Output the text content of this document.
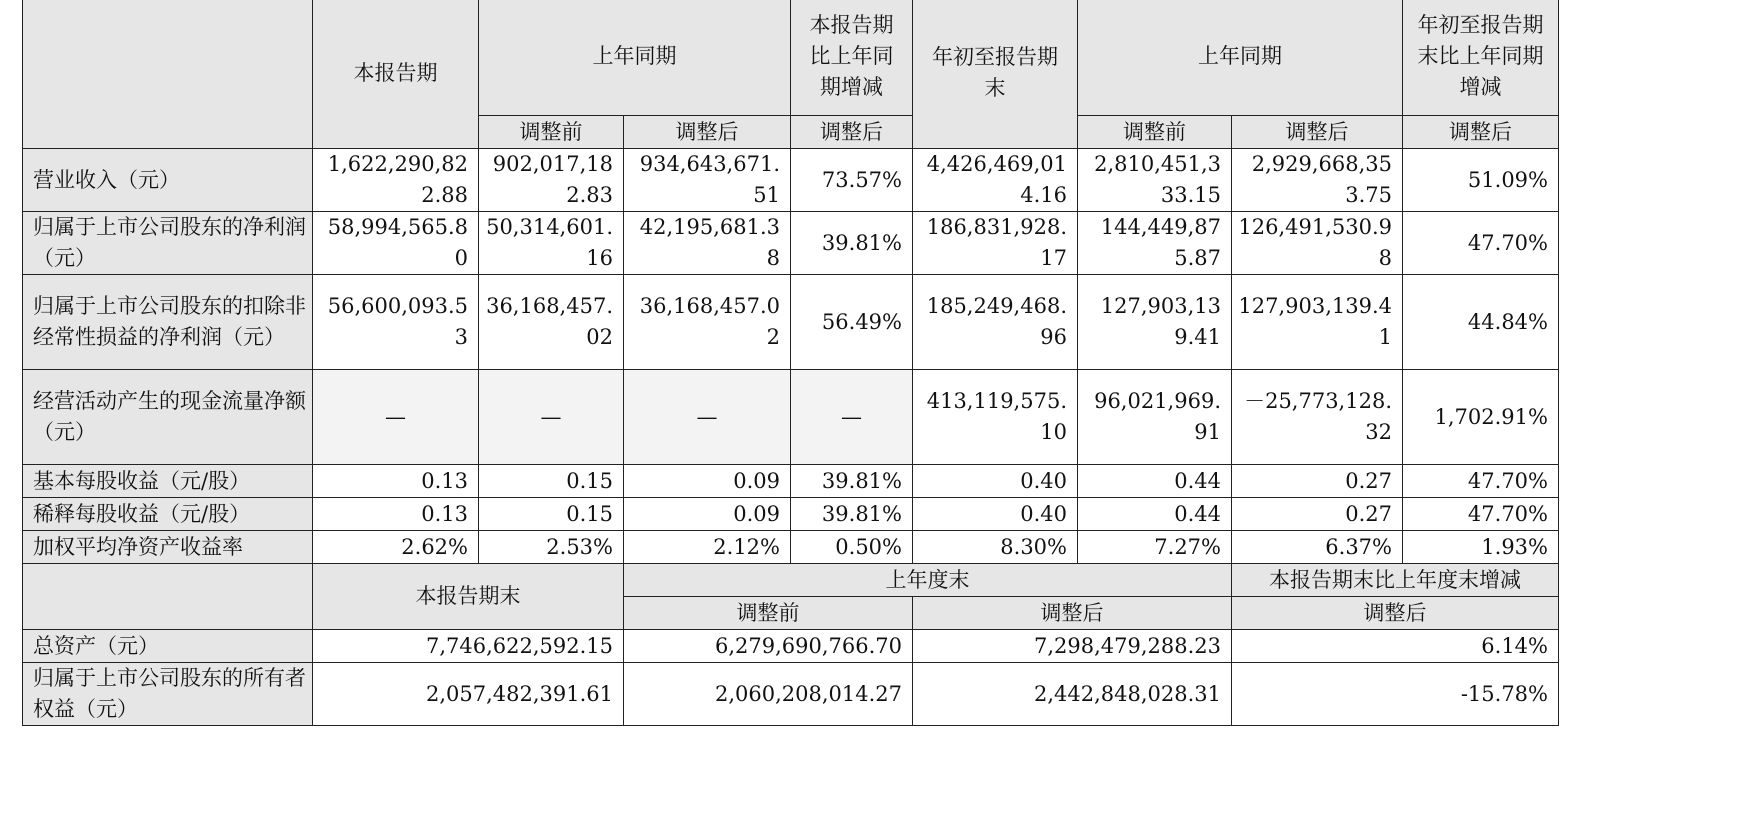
	本报告期	上年同期		本报告期比上年同期增减	年初至报告期末	上年同期		年初至报告期末比上年同期增减
		调整前	调整后	调整后		调整前	调整后	调整后
营业收入（元）	1,622,290,822.88	902,017,182.83	934,643,671.51	73.57%	4,426,469,014.16	2,810,451,333.15	2,929,668,353.75	51.09%
归属于上市公司股东的净利润（元）	58,994,565.80	50,314,601.16	42,195,681.38	39.81%	186,831,928.17	144,449,875.87	126,491,530.98	47.70%
归属于上市公司股东的扣除非经常性损益的净利润（元）	56,600,093.53	36,168,457.02	36,168,457.02	56.49%	185,249,468.96	127,903,139.41	127,903,139.41	44.84%
经营活动产生的现金流量净额（元）	—	—	—	—	413,119,575.10	96,021,969.91	－25,773,128.32	1,702.91%
基本每股收益（元/股）	0.13	0.15	0.09	39.81%	0.40	0.44	0.27	47.70%
稀释每股收益（元/股）	0.13	0.15	0.09	39.81%	0.40	0.44	0.27	47.70%
加权平均净资产收益率	2.62%	2.53%	2.12%	0.50%	8.30%	7.27%	6.37%	1.93%
	本报告期末		上年度末				本报告期末比上年度末增减	
			调整前		调整后		调整后	
总资产（元）	7,746,622,592.15		6,279,690,766.70		7,298,479,288.23		6.14%	
归属于上市公司股东的所有者权益（元）	2,057,482,391.61		2,060,208,014.27		2,442,848,028.31		-15.78%	
